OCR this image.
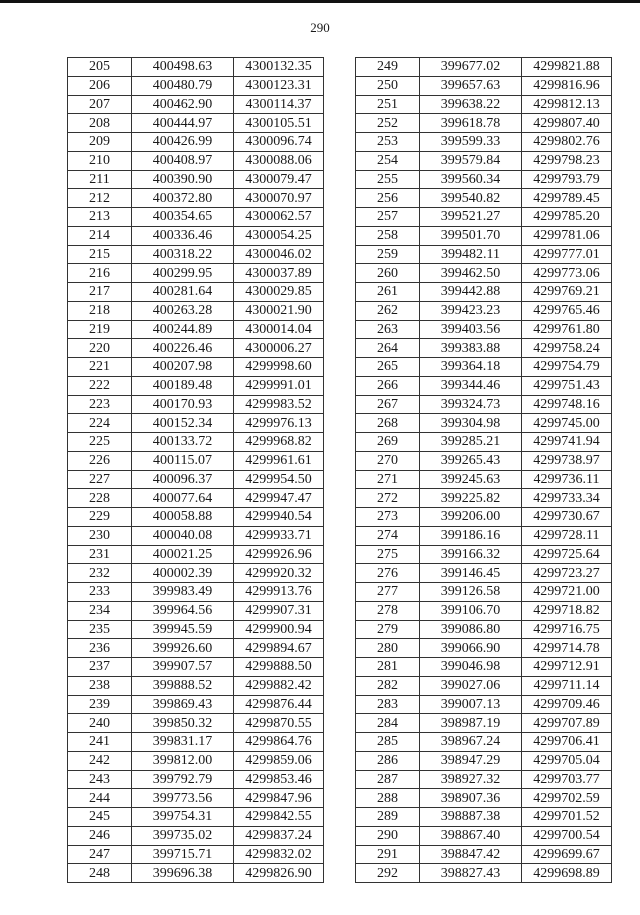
290
205	400498.63	4300132.35
206	400480.79	4300123.31
207	400462.90	4300114.37
208	400444.97	4300105.51
209	400426.99	4300096.74
210	400408.97	4300088.06
211	400390.90	4300079.47
212	400372.80	4300070.97
213	400354.65	4300062.57
214	400336.46	4300054.25
215	400318.22	4300046.02
216	400299.95	4300037.89
217	400281.64	4300029.85
218	400263.28	4300021.90
219	400244.89	4300014.04
220	400226.46	4300006.27
221	400207.98	4299998.60
222	400189.48	4299991.01
223	400170.93	4299983.52
224	400152.34	4299976.13
225	400133.72	4299968.82
226	400115.07	4299961.61
227	400096.37	4299954.50
228	400077.64	4299947.47
229	400058.88	4299940.54
230	400040.08	4299933.71
231	400021.25	4299926.96
232	400002.39	4299920.32
233	399983.49	4299913.76
234	399964.56	4299907.31
235	399945.59	4299900.94
236	399926.60	4299894.67
237	399907.57	4299888.50
238	399888.52	4299882.42
239	399869.43	4299876.44
240	399850.32	4299870.55
241	399831.17	4299864.76
242	399812.00	4299859.06
243	399792.79	4299853.46
244	399773.56	4299847.96
245	399754.31	4299842.55
246	399735.02	4299837.24
247	399715.71	4299832.02
248	399696.38	4299826.90
249	399677.02	4299821.88
250	399657.63	4299816.96
251	399638.22	4299812.13
252	399618.78	4299807.40
253	399599.33	4299802.76
254	399579.84	4299798.23
255	399560.34	4299793.79
256	399540.82	4299789.45
257	399521.27	4299785.20
258	399501.70	4299781.06
259	399482.11	4299777.01
260	399462.50	4299773.06
261	399442.88	4299769.21
262	399423.23	4299765.46
263	399403.56	4299761.80
264	399383.88	4299758.24
265	399364.18	4299754.79
266	399344.46	4299751.43
267	399324.73	4299748.16
268	399304.98	4299745.00
269	399285.21	4299741.94
270	399265.43	4299738.97
271	399245.63	4299736.11
272	399225.82	4299733.34
273	399206.00	4299730.67
274	399186.16	4299728.11
275	399166.32	4299725.64
276	399146.45	4299723.27
277	399126.58	4299721.00
278	399106.70	4299718.82
279	399086.80	4299716.75
280	399066.90	4299714.78
281	399046.98	4299712.91
282	399027.06	4299711.14
283	399007.13	4299709.46
284	398987.19	4299707.89
285	398967.24	4299706.41
286	398947.29	4299705.04
287	398927.32	4299703.77
288	398907.36	4299702.59
289	398887.38	4299701.52
290	398867.40	4299700.54
291	398847.42	4299699.67
292	398827.43	4299698.89
